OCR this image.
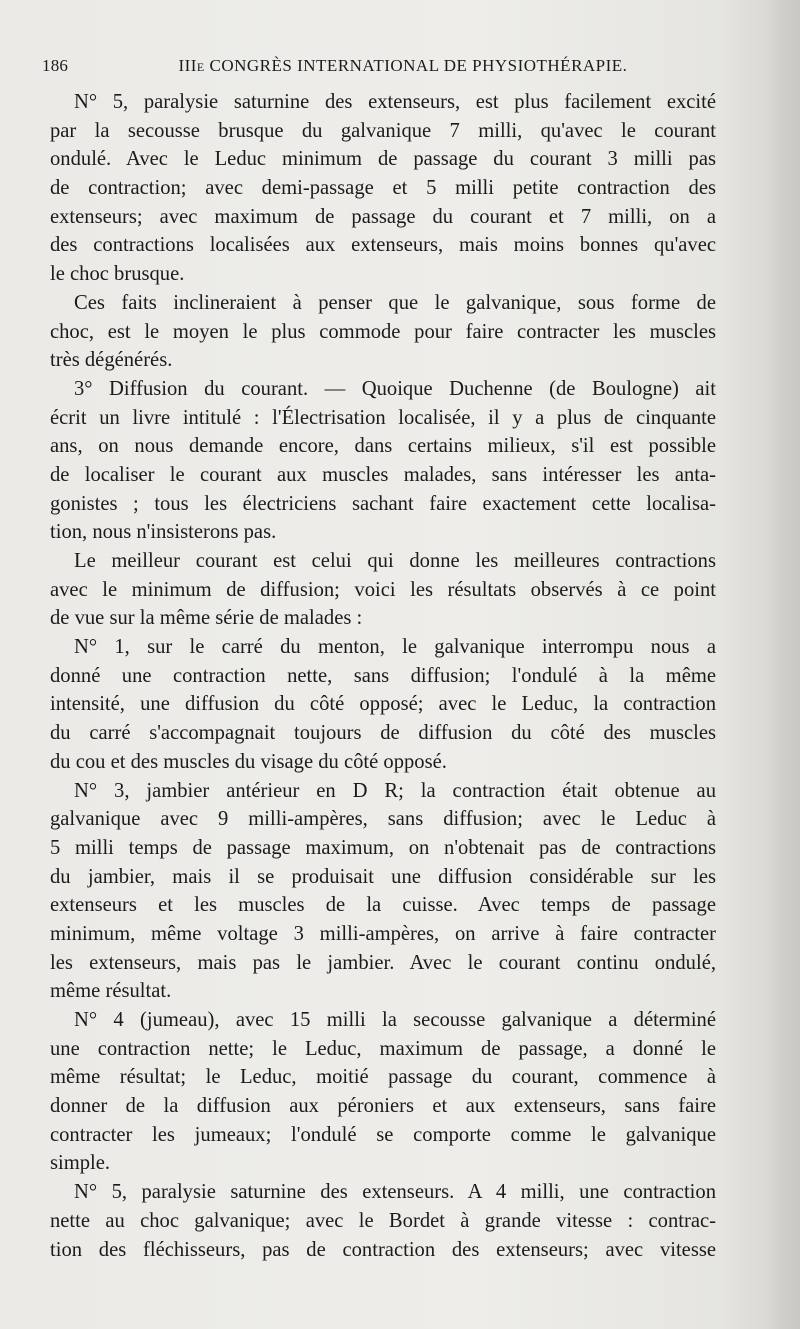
186	IIIe CONGRÈS INTERNATIONAL DE PHYSIOTHÉRAPIE.
N° 5, paralysie saturnine des extenseurs, est plus facilement excité
par la secousse brusque du galvanique 7 milli, qu'avec le courant
ondulé. Avec le Leduc minimum de passage du courant 3 milli pas
de contraction; avec demi-passage et 5 milli petite contraction des
extenseurs; avec maximum de passage du courant et 7 milli, on a
des contractions localisées aux extenseurs, mais moins bonnes qu'avec
le choc brusque.
Ces faits inclineraient à penser que le galvanique, sous forme de
choc, est le moyen le plus commode pour faire contracter les muscles
très dégénérés.
3° Diffusion du courant. — Quoique Duchenne (de Boulogne) ait
écrit un livre intitulé : l'Électrisation localisée, il y a plus de cinquante
ans, on nous demande encore, dans certains milieux, s'il est possible
de localiser le courant aux muscles malades, sans intéresser les anta-
gonistes ; tous les électriciens sachant faire exactement cette localisa-
tion, nous n'insisterons pas.
Le meilleur courant est celui qui donne les meilleures contractions
avec le minimum de diffusion; voici les résultats observés à ce point
de vue sur la même série de malades :
N° 1, sur le carré du menton, le galvanique interrompu nous a
donné une contraction nette, sans diffusion; l'ondulé à la même
intensité, une diffusion du côté opposé; avec le Leduc, la contraction
du carré s'accompagnait toujours de diffusion du côté des muscles
du cou et des muscles du visage du côté opposé.
N° 3, jambier antérieur en D R; la contraction était obtenue au
galvanique avec 9 milli-ampères, sans diffusion; avec le Leduc à
5 milli temps de passage maximum, on n'obtenait pas de contractions
du jambier, mais il se produisait une diffusion considérable sur les
extenseurs et les muscles de la cuisse. Avec temps de passage
minimum, même voltage 3 milli-ampères, on arrive à faire contracter
les extenseurs, mais pas le jambier. Avec le courant continu ondulé,
même résultat.
N° 4 (jumeau), avec 15 milli la secousse galvanique a déterminé
une contraction nette; le Leduc, maximum de passage, a donné le
même résultat; le Leduc, moitié passage du courant, commence à
donner de la diffusion aux péroniers et aux extenseurs, sans faire
contracter les jumeaux; l'ondulé se comporte comme le galvanique
simple.
N° 5, paralysie saturnine des extenseurs. A 4 milli, une contraction
nette au choc galvanique; avec le Bordet à grande vitesse : contrac-
tion des fléchisseurs, pas de contraction des extenseurs; avec vitesse
